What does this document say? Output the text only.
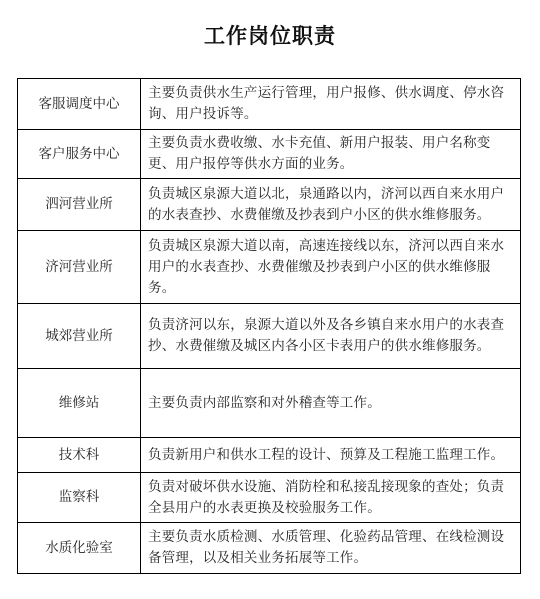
工作岗位职责
客服调度中心	主要负责供水生产运行管理，用户报修、供水调度、停水咨询、用户投诉等。
客户服务中心	主要负责水费收缴、水卡充值、新用户报装、用户名称变更、用户报停等供水方面的业务。
泗河营业所	负责城区泉源大道以北，泉通路以内，济河以西自来水用户的水表查抄、水费催缴及抄表到户小区的供水维修服务。
济河营业所	负责城区泉源大道以南，高速连接线以东，济河以西自来水用户的水表查抄、水费催缴及抄表到户小区的供水维修服务。
城郊营业所	负责济河以东，泉源大道以外及各乡镇自来水用户的水表查抄、水费催缴及城区内各小区卡表用户的供水维修服务。
维修站	主要负责内部监察和对外稽查等工作。
技术科	负责新用户和供水工程的设计、预算及工程施工监理工作。
监察科	负责对破坏供水设施、消防栓和私接乱接现象的查处；负责全县用户的水表更换及校验服务工作。
水质化验室	主要负责水质检测、水质管理、化验药品管理、在线检测设备管理，以及相关业务拓展等工作。
